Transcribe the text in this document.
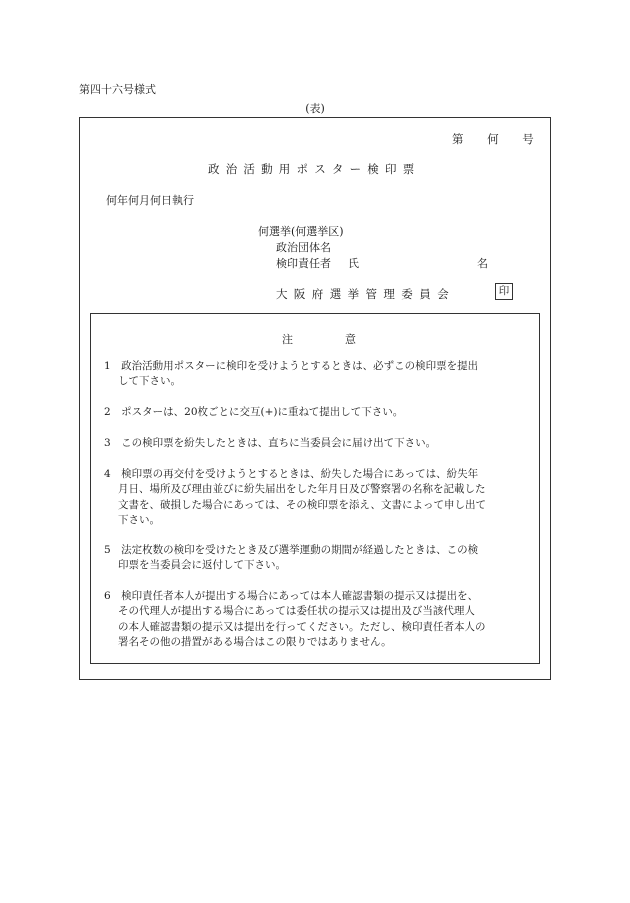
第四十六号様式
(表)
第 何 号
政治活動用ポスター検印票
何年何月何日執行
何選挙(何選挙区)
政治団体名
検印責任者 氏	名
大阪府選挙管理委員会	印
注	意
1　政治活動用ポスターに検印を受けようとするときは、必ずこの検印票を提出
して下さい。
2　ポスターは、20枚ごとに交互(+)に重ねて提出して下さい。
3　この検印票を紛失したときは、直ちに当委員会に届け出て下さい。
4　検印票の再交付を受けようとするときは、紛失した場合にあっては、紛失年
月日、場所及び理由並びに紛失届出をした年月日及び警察署の名称を記載した
文書を、破損した場合にあっては、その検印票を添え、文書によって申し出て
下さい。
5　法定枚数の検印を受けたとき及び選挙運動の期間が経過したときは、この検
印票を当委員会に返付して下さい。
6　検印責任者本人が提出する場合にあっては本人確認書類の提示又は提出を、
その代理人が提出する場合にあっては委任状の提示又は提出及び当該代理人
の本人確認書類の提示又は提出を行ってください。ただし、検印責任者本人の
署名その他の措置がある場合はこの限りではありません。
